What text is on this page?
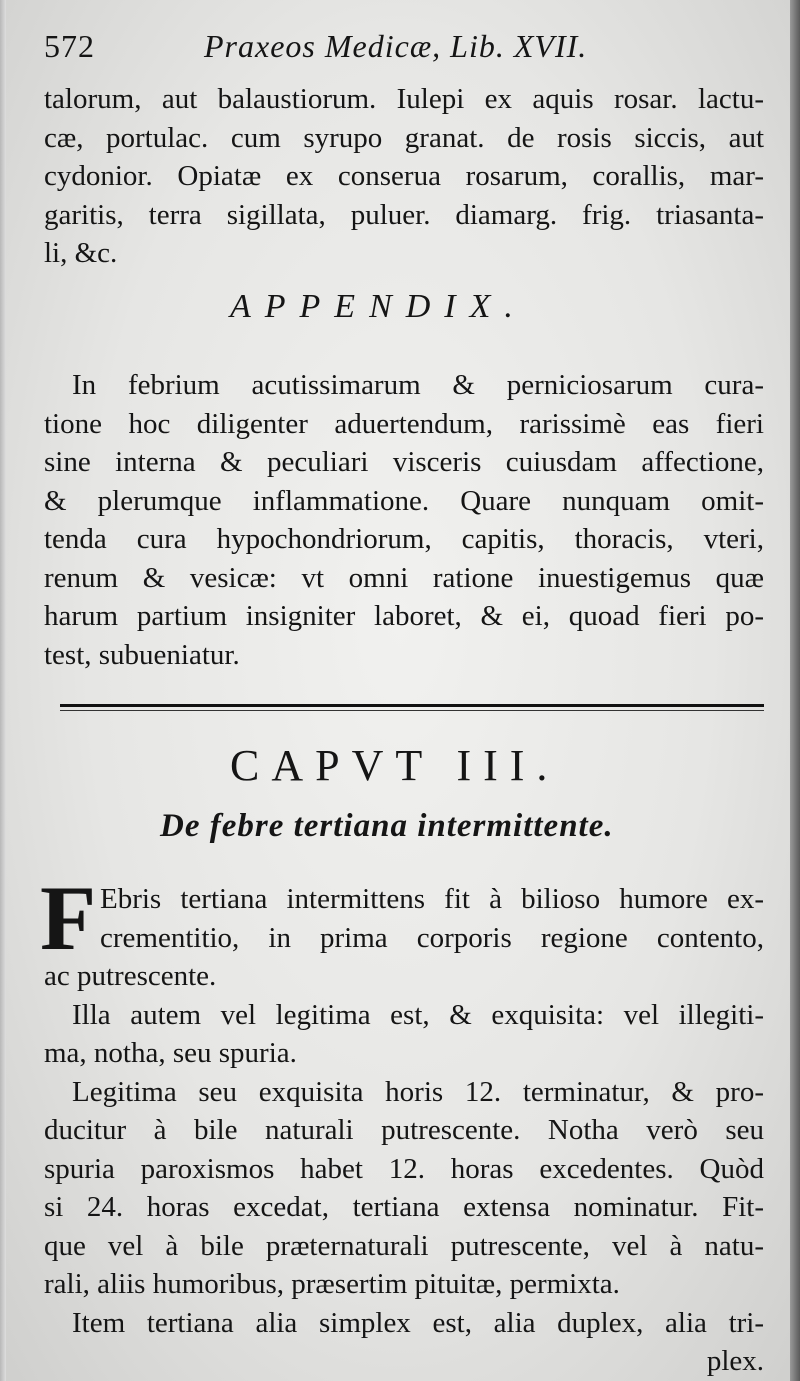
572	Praxeos Medicæ, Lib. XVII.
talorum, aut balaustiorum. Iulepi ex aquis rosar. lactu-
cæ, portulac. cum syrupo granat. de rosis siccis, aut
cydonior. Opiatæ ex conserua rosarum, corallis, mar-
garitis, terra sigillata, puluer. diamarg. frig. triasanta-
li, &c.
APPENDIX.
In febrium acutissimarum & perniciosarum cura-
tione hoc diligenter aduertendum, rarissimè eas fieri
sine interna & peculiari visceris cuiusdam affectione,
& plerumque inflammatione. Quare nunquam omit-
tenda cura hypochondriorum, capitis, thoracis, vteri,
renum & vesicæ: vt omni ratione inuestigemus quæ
harum partium insigniter laboret, & ei, quoad fieri po-
test, subueniatur.
CAPVT III.
De febre tertiana intermittente.
F Ebris tertiana intermittens fit à bilioso humore ex-
crementitio, in prima corporis regione contento,
ac putrescente.
Illa autem vel legitima est, & exquisita: vel illegiti-
ma, notha, seu spuria.
Legitima seu exquisita horis 12. terminatur, & pro-
ducitur à bile naturali putrescente. Notha verò seu
spuria paroxismos habet 12. horas excedentes. Quòd
si 24. horas excedat, tertiana extensa nominatur. Fit-
que vel à bile præternaturali putrescente, vel à natu-
rali, aliis humoribus, præsertim pituitæ, permixta.
Item tertiana alia simplex est, alia duplex, alia tri-
plex.
